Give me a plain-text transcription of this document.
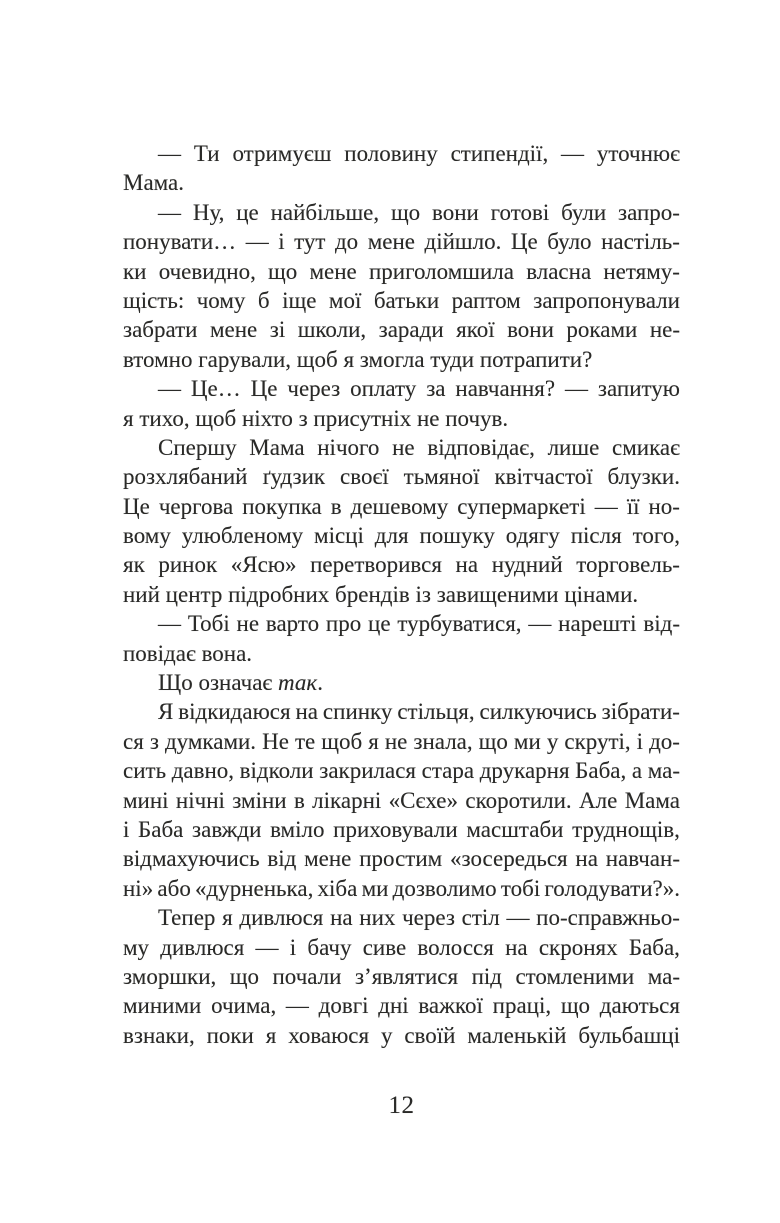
— Ти отримуєш половину стипендії, — уточнює
Мама.

— Ну, це найбільше, що вони готові були запро-
понувати… — і тут до мене дійшло. Це було настіль-
ки очевидно, що мене приголомшила власна нетяму-
щість: чому б іще мої батьки раптом запропонували
забрати мене зі школи, заради якої вони роками не-
втомно гарували, щоб я змогла туди потрапити?

— Це… Це через оплату за навчання? — запитую
я тихо, щоб ніхто з присутніх не почув.

Спершу Мама нічого не відповідає, лише смикає
розхлябаний ґудзик своєї тьмяної квітчастої блузки.
Це чергова покупка в дешевому супермаркеті — її но-
вому улюбленому місці для пошуку одягу після того,
як ринок «Ясю» перетворився на нудний торговель-
ний центр підробних брендів із завищеними цінами.

— Тобі не варто про це турбуватися, — нарешті від-
повідає вона.

Що означає так.

Я відкидаюся на спинку стільця, силкуючись зібрати-
ся з думками. Не те щоб я не знала, що ми у скруті, і до-
сить давно, відколи закрилася стара друкарня Баба, а ма-
мині нічні зміни в лікарні «Сєхе» скоротили. Але Мама
і Баба завжди вміло приховували масштаби труднощів,
відмахуючись від мене простим «зосередься на навчан-
ні» або «дурненька, хіба ми дозволимо тобі голодувати?».

Тепер я дивлюся на них через стіл — по-справжньо-
му дивлюся — і бачу сиве волосся на скронях Баба,
зморшки, що почали з’являтися під стомленими ма-
миними очима, — довгі дні важкої праці, що даються
взнаки, поки я ховаюся у своїй маленькій бульбашці

12
